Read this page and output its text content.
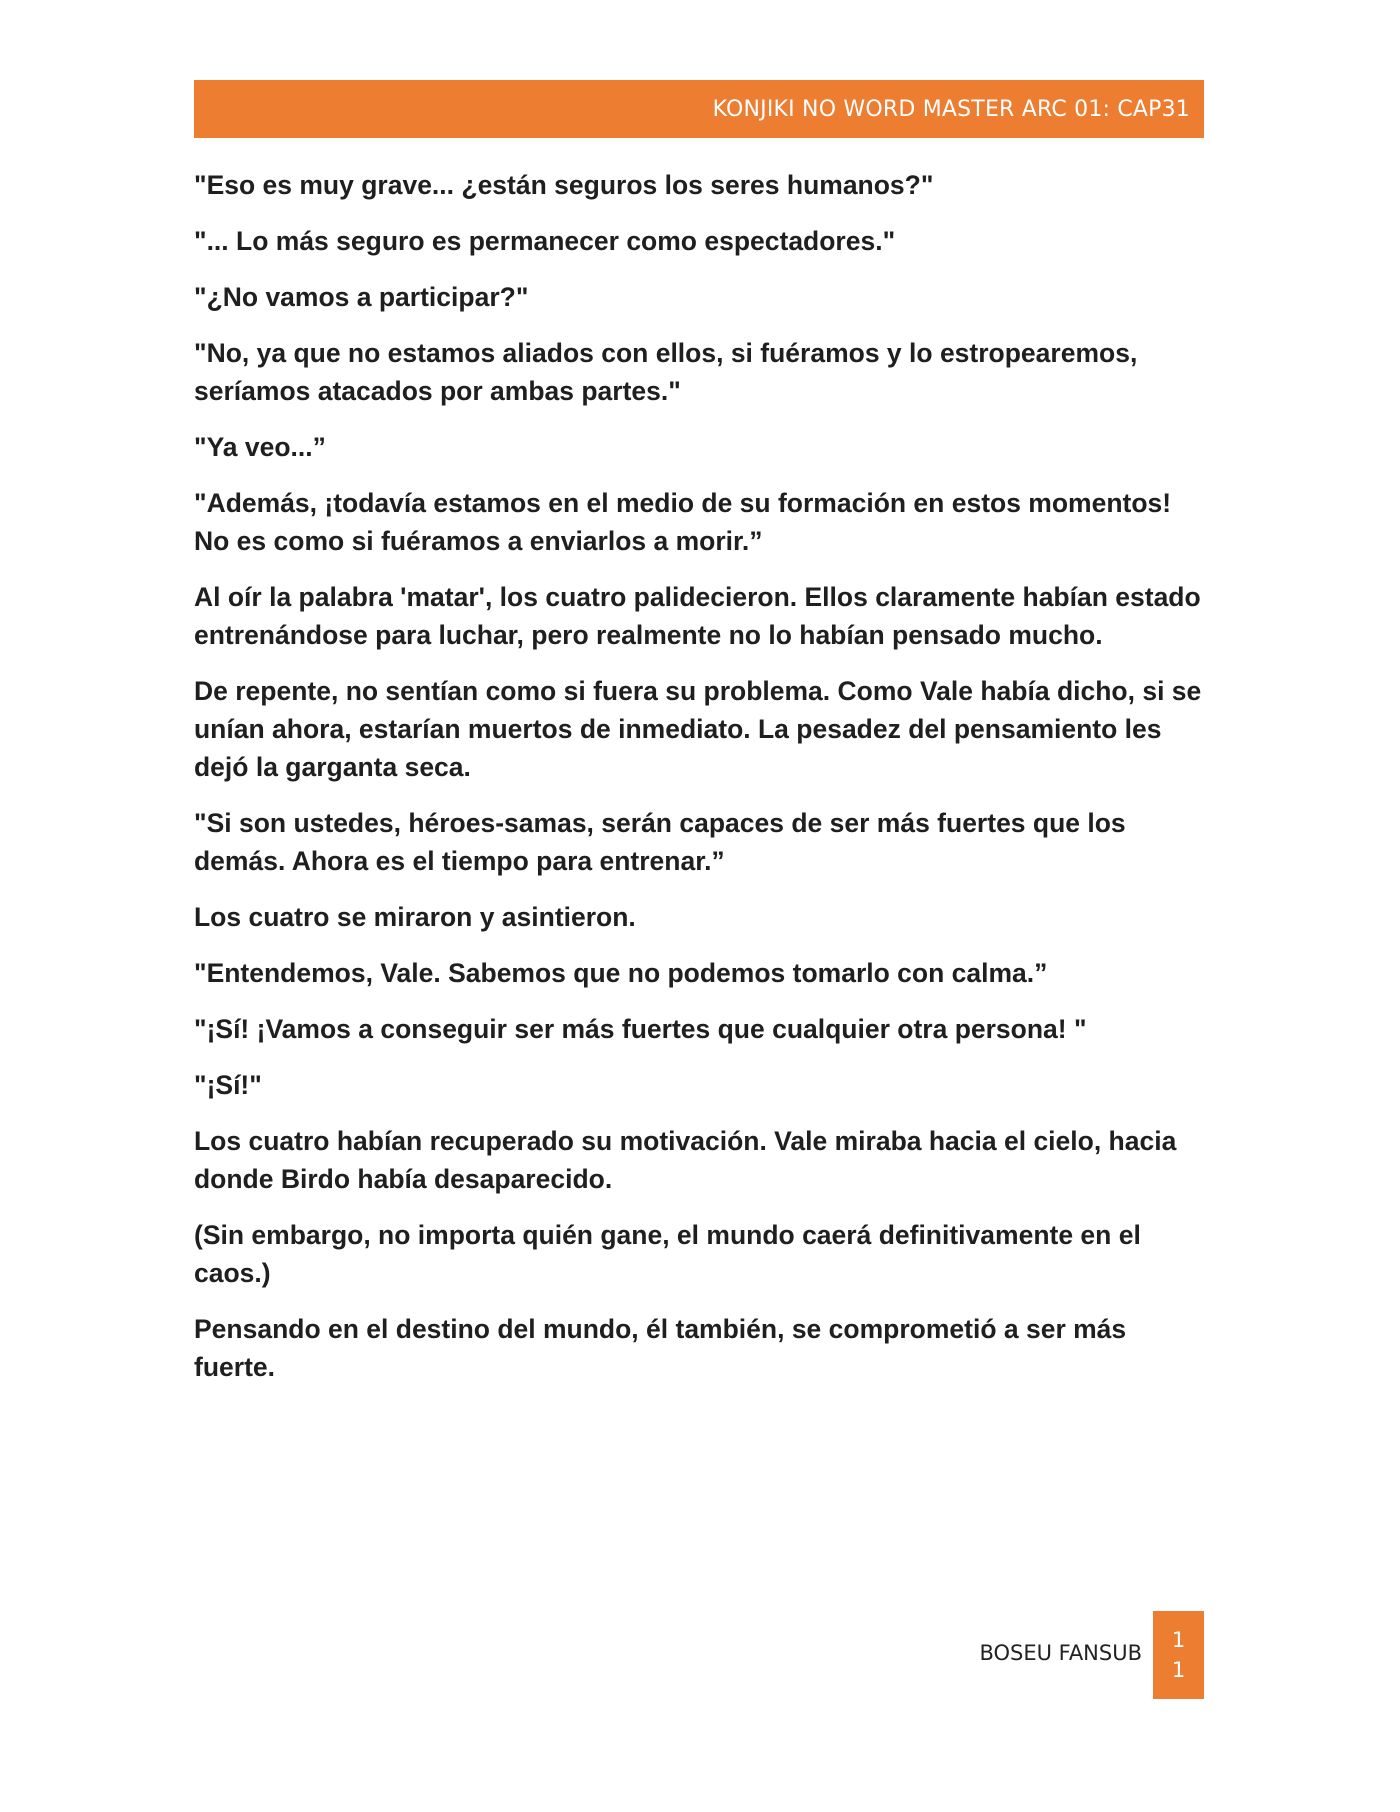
KONJIKI NO WORD MASTER ARC 01: CAP31

"Eso es muy grave... ¿están seguros los seres humanos?"

"... Lo más seguro es permanecer como espectadores."

"¿No vamos a participar?"

"No, ya que no estamos aliados con ellos, si fuéramos y lo estropearemos, seríamos atacados por ambas partes."

"Ya veo...”

"Además, ¡todavía estamos en el medio de su formación en estos momentos! No es como si fuéramos a enviarlos a morir.”

Al oír la palabra 'matar', los cuatro palidecieron. Ellos claramente habían estado entrenándose para luchar, pero realmente no lo habían pensado mucho.

De repente, no sentían como si fuera su problema. Como Vale había dicho, si se unían ahora, estarían muertos de inmediato. La pesadez del pensamiento les dejó la garganta seca.

"Si son ustedes, héroes-samas, serán capaces de ser más fuertes que los demás. Ahora es el tiempo para entrenar.”

Los cuatro se miraron y asintieron.

"Entendemos, Vale. Sabemos que no podemos tomarlo con calma.”

"¡Sí! ¡Vamos a conseguir ser más fuertes que cualquier otra persona! "

"¡Sí!"

Los cuatro habían recuperado su motivación. Vale miraba hacia el cielo, hacia donde Birdo había desaparecido.

(Sin embargo, no importa quién gane, el mundo caerá definitivamente en el caos.)

Pensando en el destino del mundo, él también, se comprometió a ser más fuerte.

BOSEU FANSUB
1
1
